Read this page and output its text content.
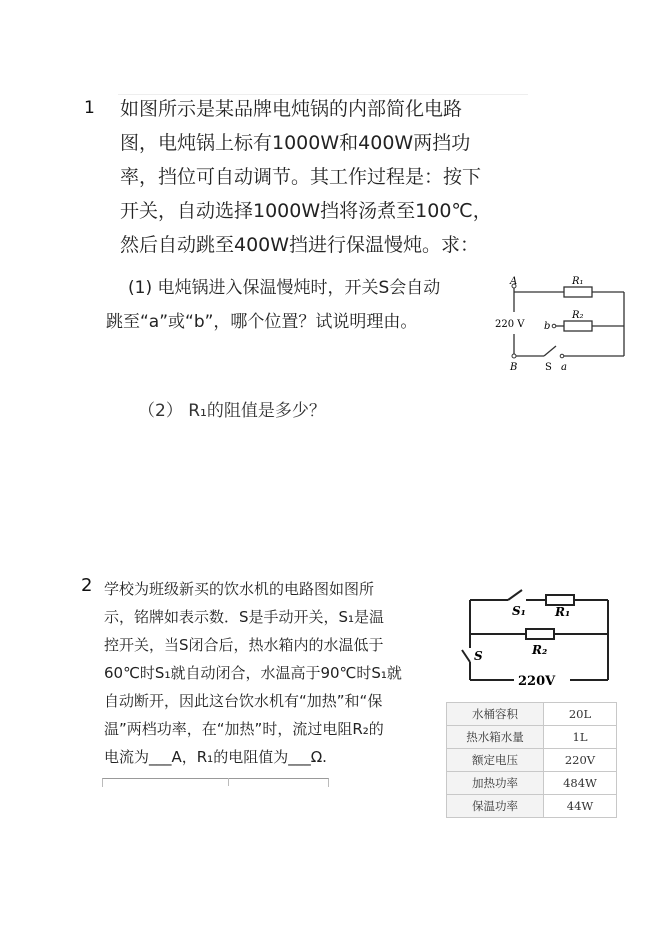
1 如图所示是某品牌电炖锅的内部简化电路
图，电炖锅上标有1000W和400W两挡功
率，挡位可自动调节。其工作过程是：按下
开关，自动选择1000W挡将汤煮至100℃，
然后自动跳至400W挡进行保温慢炖。求：
(1) 电炖锅进入保温慢炖时，开关S会自动
跳至“a”或“b”，哪个位置？试说明理由。
A
B
R₁
R₂
220 V b
S a
（2） R₁的阻值是多少？
2 学校为班级新买的饮水机的电路图如图所
示，铭牌如表示数．S是手动开关，S₁是温
控开关，当S闭合后，热水箱内的水温低于
60℃时S₁就自动闭合，水温高于90℃时S₁就
自动断开，因此这台饮水机有“加热”和“保
温”两档功率，在“加热”时，流过电阻R₂的
电流为___A，R₁的电阻值为___Ω.
S₁ R₁
R₂
S
220V
水桶容积	20L
热水箱水量	1L
额定电压	220V
加热功率	484W
保温功率	44W
